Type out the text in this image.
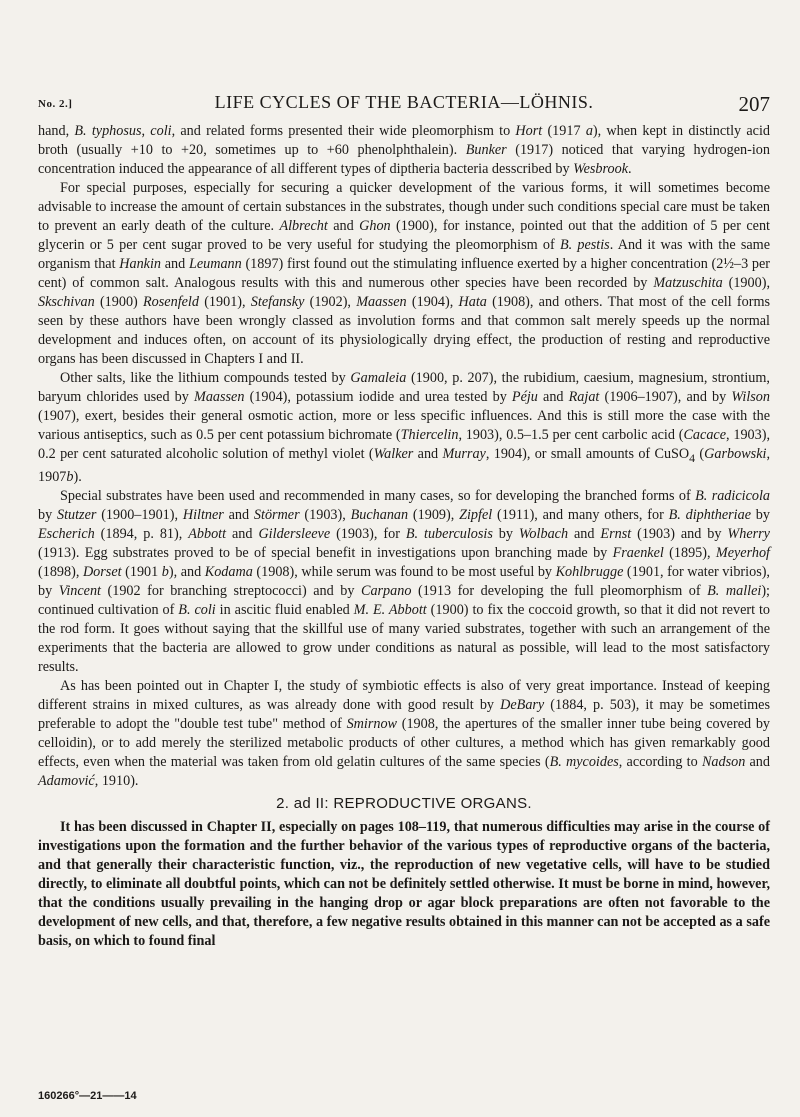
No. 2.]	LIFE CYCLES OF THE BACTERIA—LÖHNIS.	207

hand, B. typhosus, coli, and related forms presented their wide pleomorphism to Hort (1917 a), when kept in distinctly acid broth (usually +10 to +20, sometimes up to +60 phenolphthalein). Bunker (1917) noticed that varying hydrogen-ion concentration induced the appearance of all different types of diptheria bacteria desscribed by Wesbrook.

For special purposes, especially for securing a quicker development of the various forms, it will sometimes become advisable to increase the amount of certain substances in the substrates, though under such conditions special care must be taken to prevent an early death of the culture. Albrecht and Ghon (1900), for instance, pointed out that the addition of 5 per cent glycerin or 5 per cent sugar proved to be very useful for studying the pleomorphism of B. pestis. And it was with the same organism that Hankin and Leumann (1897) first found out the stimulating influence exerted by a higher concentration (2½–3 per cent) of common salt. Analogous results with this and numerous other species have been recorded by Matzuschita (1900), Skschivan (1900) Rosenfeld (1901), Stefansky (1902), Maassen (1904), Hata (1908), and others. That most of the cell forms seen by these authors have been wrongly classed as involution forms and that common salt merely speeds up the normal development and induces often, on account of its physiologically drying effect, the production of resting and reproductive organs has been discussed in Chapters I and II.

Other salts, like the lithium compounds tested by Gamaleia (1900, p. 207), the rubidium, caesium, magnesium, strontium, baryum chlorides used by Maassen (1904), potassium iodide and urea tested by Péju and Rajat (1906–1907), and by Wilson (1907), exert, besides their general osmotic action, more or less specific influences. And this is still more the case with the various antiseptics, such as 0.5 per cent potassium bichromate (Thiercelin, 1903), 0.5–1.5 per cent carbolic acid (Cacace, 1903), 0.2 per cent saturated alcoholic solution of methyl violet (Walker and Murray, 1904), or small amounts of CuSO$_4$ (Garbowski, 1907b).

Special substrates have been used and recommended in many cases, so for developing the branched forms of B. radicicola by Stutzer (1900–1901), Hiltner and Störmer (1903), Buchanan (1909), Zipfel (1911), and many others, for B. diphtheriae by Escherich (1894, p. 81), Abbott and Gildersleeve (1903), for B. tuberculosis by Wolbach and Ernst (1903) and by Wherry (1913). Egg substrates proved to be of special benefit in investigations upon branching made by Fraenkel (1895), Meyerhof (1898), Dorset (1901 b), and Kodama (1908), while serum was found to be most useful by Kohlbrugge (1901, for water vibrios), by Vincent (1902 for branching streptococci) and by Carpano (1913 for developing the full pleomorphism of B. mallei); continued cultivation of B. coli in ascitic fluid enabled M. E. Abbott (1900) to fix the coccoid growth, so that it did not revert to the rod form. It goes without saying that the skillful use of many varied substrates, together with such an arrangement of the experiments that the bacteria are allowed to grow under conditions as natural as possible, will lead to the most satisfactory results.

As has been pointed out in Chapter I, the study of symbiotic effects is also of very great importance. Instead of keeping different strains in mixed cultures, as was already done with good result by DeBary (1884, p. 503), it may be sometimes preferable to adopt the "double test tube" method of Smirnow (1908, the apertures of the smaller inner tube being covered by celloidin), or to add merely the sterilized metabolic products of other cultures, a method which has given remarkably good effects, even when the material was taken from old gelatin cultures of the same species (B. mycoides, according to Nadson and Adamović, 1910).

2. ad II: REPRODUCTIVE ORGANS.

It has been discussed in Chapter II, especially on pages 108–119, that numerous difficulties may arise in the course of investigations upon the formation and the further behavior of the various types of reproductive organs of the bacteria, and that generally their characteristic function, viz., the reproduction of new vegetative cells, will have to be studied directly, to eliminate all doubtful points, which can not be definitely settled otherwise. It must be borne in mind, however, that the conditions usually prevailing in the hanging drop or agar block preparations are often not favorable to the development of new cells, and that, therefore, a few negative results obtained in this manner can not be accepted as a safe basis, on which to found final

160266°—21——14
